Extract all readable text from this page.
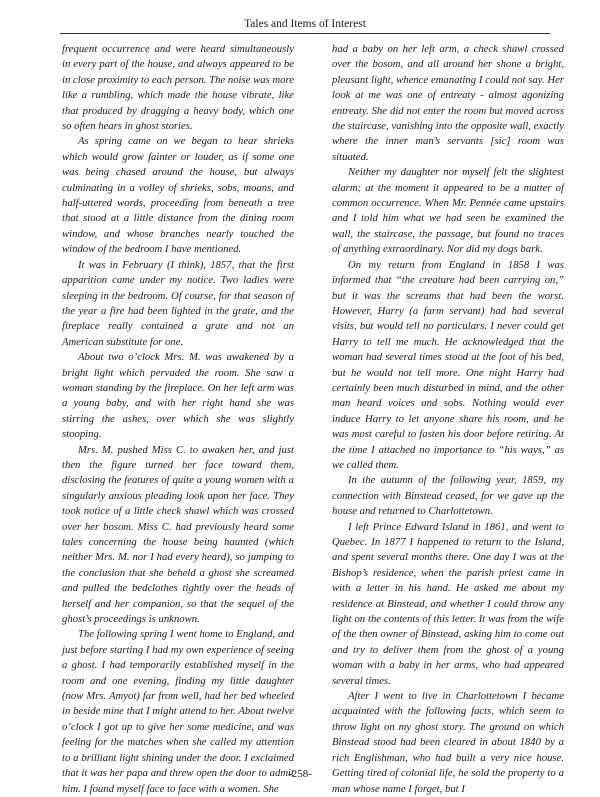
Tales and Items of Interest

frequent occurrence and were heard simultaneously in every part of the house, and always appeared to be in close proximity to each person. The noise was more like a rumbling, which made the house vibrate, like that produced by dragging a heavy body, which one so often hears in ghost stories.

As spring came on we began to hear shrieks which would grow fainter or louder, as if some one was being chased around the house, but always culminating in a volley of shrieks, sobs, moans, and half-uttered words, proceeding from beneath a tree that stood at a little distance from the dining room window, and whose branches nearly touched the window of the bedroom I have mentioned.

It was in February (I think), 1857, that the first apparition came under my notice. Two ladies were sleeping in the bedroom. Of course, for that season of the year a fire had been lighted in the grate, and the fireplace really contained a grate and not an American substitute for one.

About two o’clock Mrs. M. was awakened by a bright light which pervaded the room. She saw a woman standing by the fireplace. On her left arm was a young baby, and with her right hand she was stirring the ashes, over which she was slightly stooping.

Mrs. M. pushed Miss C. to awaken her, and just then the figure turned her face toward them, disclosing the features of quite a young women with a singularly anxious pleading look upon her face. They took notice of a little check shawl which was crossed over her bosom. Miss C. had previously heard some tales concerning the house being haunted (which neither Mrs. M. nor I had every heard), so jumping to the conclusion that she beheld a ghost she screamed and pulled the bedclothes tightly over the heads of herself and her companion, so that the sequel of the ghost’s proceedings is unknown.

The following spring I went home to England, and just before starting I had my own experience of seeing a ghost. I had temporarily established myself in the room and one evening, finding my little daughter (now Mrs. Amyot) far from well, had her bed wheeled in beside mine that I might attend to her. About twelve o’clock I got up to give her some medicine, and was feeling for the matches when she called my attention to a brilliant light shining under the door. I exclaimed that it was her papa and threw open the door to admit him. I found myself face to face with a women. She

had a baby on her left arm, a check shawl crossed over the bosom, and all around her shone a bright, pleasant light, whence emanating I could not say. Her look at me was one of entreaty - almost agonizing entreaty. She did not enter the room but moved across the staircase, vanishing into the opposite wall, exactly where the inner man’s servants [sic] room was situated.

Neither my daughter nor myself felt the slightest alarm; at the moment it appeared to be a matter of common occurrence. When Mr. Pennée came upstairs and I told him what we had seen he examined the wall, the staircase, the passage, but found no traces of anything extraordinary. Nor did my dogs bark.

On my return from England in 1858 I was informed that “the creature had been carrying on,” but it was the screams that had been the worst. However, Harry (a farm servant) had had several visits, but would tell no particulars. I never could get Harry to tell me much. He acknowledged that the woman had several times stood at the foot of his bed, but he would not tell more. One night Harry had certainly been much disturbed in mind, and the other man heard voices and sobs. Nothing would ever induce Harry to let anyone share his room, and he was most careful to fasten his door before retiring. At the time I attached no importance to “his ways,” as we called them.

In the autumn of the following year, 1859, my connection with Binstead ceased, for we gave up the house and returned to Charlottetown.

I left Prince Edward Island in 1861, and went to Quebec. In 1877 I happened to return to the Island, and spent several months there. One day I was at the Bishop’s residence, when the parish priest came in with a letter in his hand. He asked me about my residence at Binstead, and whether I could throw any light on the contents of this letter. It was from the wife of the then owner of Binstead, asking him to come out and try to deliver them from the ghost of a young woman with a baby in her arms, who had appeared several times.

After I went to live in Charlottetown I became acquainted with the following facts, which seem to throw light on my ghost story. The ground on which Binstead stood had been cleared in about 1840 by a rich Englishman, who had built a very nice house. Getting tired of colonial life, he sold the property to a man whose name I forget, but I

-258-
